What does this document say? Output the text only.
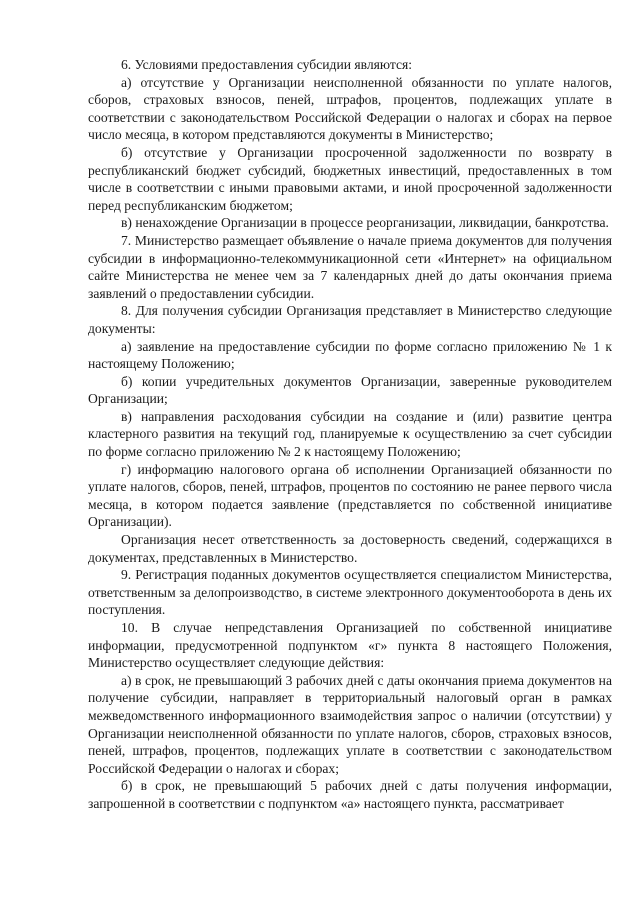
6. Условиями предоставления субсидии являются:

а) отсутствие у Организации неисполненной обязанности по уплате налогов, сборов, страховых взносов, пеней, штрафов, процентов, подлежащих уплате в соответствии с законодательством Российской Федерации о налогах и сборах на первое число месяца, в котором представляются документы в Министерство;

б) отсутствие у Организации просроченной задолженности по возврату в республиканский бюджет субсидий, бюджетных инвестиций, предоставленных в том числе в соответствии с иными правовыми актами, и иной просроченной задолженности перед республиканским бюджетом;

в) ненахождение Организации в процессе реорганизации, ликвидации, банкротства.

7. Министерство размещает объявление о начале приема документов для получения субсидии в информационно-телекоммуникационной сети «Интернет» на официальном сайте Министерства не менее чем за 7 календарных дней до даты окончания приема заявлений о предоставлении субсидии.

8. Для получения субсидии Организация представляет в Министерство следующие документы:

а) заявление на предоставление субсидии по форме согласно приложению № 1 к настоящему Положению;

б) копии учредительных документов Организации, заверенные руководителем Организации;

в) направления расходования субсидии на создание и (или) развитие центра кластерного развития на текущий год, планируемые к осуществлению за счет субсидии по форме согласно приложению № 2 к настоящему Положению;

г) информацию налогового органа об исполнении Организацией обязанности по уплате налогов, сборов, пеней, штрафов, процентов по состоянию не ранее первого числа месяца, в котором подается заявление (представляется по собственной инициативе Организации).

Организация несет ответственность за достоверность сведений, содержащихся в документах, представленных в Министерство.

9. Регистрация поданных документов осуществляется специалистом Министерства, ответственным за делопроизводство, в системе электронного документооборота в день их поступления.

10. В случае непредставления Организацией по собственной инициативе информации, предусмотренной подпунктом «г» пункта 8 настоящего Положения, Министерство осуществляет следующие действия:

а) в срок, не превышающий 3 рабочих дней с даты окончания приема документов на получение субсидии, направляет в территориальный налоговый орган в рамках межведомственного информационного взаимодействия запрос о наличии (отсутствии) у Организации неисполненной обязанности по уплате налогов, сборов, страховых взносов, пеней, штрафов, процентов, подлежащих уплате в соответствии с законодательством Российской Федерации о налогах и сборах;

б) в срок, не превышающий 5 рабочих дней с даты получения информации, запрошенной в соответствии с подпунктом «а» настоящего пункта, рассматривает
